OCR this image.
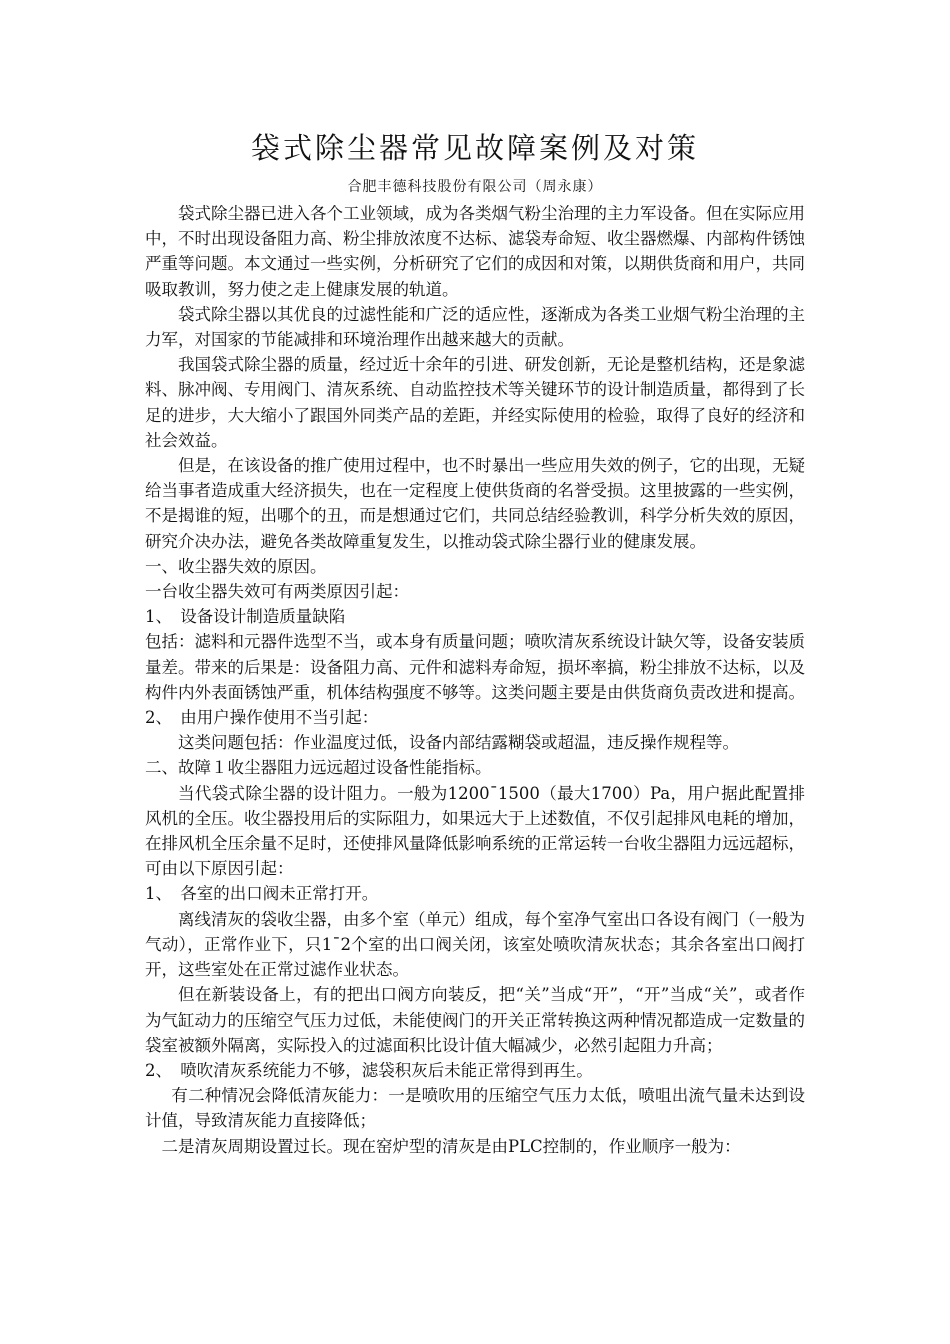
袋式除尘器常见故障案例及对策

合肥丰德科技股份有限公司（周永康）

袋式除尘器已进入各个工业领域，成为各类烟气粉尘治理的主力军设备。但在实际应用中，不时出现设备阻力高、粉尘排放浓度不达标、滤袋寿命短、收尘器燃爆、内部构件锈蚀严重等问题。本文通过一些实例，分析研究了它们的成因和对策，以期供货商和用户，共同吸取教训，努力使之走上健康发展的轨道。

袋式除尘器以其优良的过滤性能和广泛的适应性，逐渐成为各类工业烟气粉尘治理的主力军，对国家的节能减排和环境治理作出越来越大的贡献。

我国袋式除尘器的质量，经过近十余年的引进、研发创新，无论是整机结构，还是象滤料、脉冲阀、专用阀门、清灰系统、自动监控技术等关键环节的设计制造质量，都得到了长足的进步，大大缩小了跟国外同类产品的差距，并经实际使用的检验，取得了良好的经济和社会效益。

但是，在该设备的推广使用过程中，也不时暴出一些应用失效的例子，它的出现，无疑给当事者造成重大经济损失，也在一定程度上使供货商的名誉受损。这里披露的一些实例，不是揭谁的短，出哪个的丑，而是想通过它们，共同总结经验教训，科学分析失效的原因，研究介决办法，避免各类故障重复发生，以推动袋式除尘器行业的健康发展。

一、收尘器失效的原因。

一台收尘器失效可有两类原因引起：

1、　设备设计制造质量缺陷

包括：滤料和元器件选型不当，或本身有质量问题；喷吹清灰系统设计缺欠等，设备安装质量差。带来的后果是：设备阻力高、元件和滤料寿命短，损坏率搞，粉尘排放不达标，以及构件内外表面锈蚀严重，机体结构强度不够等。这类问题主要是由供货商负责改进和提高。

2、　由用户操作使用不当引起：

这类问题包括：作业温度过低，设备内部结露糊袋或超温，违反操作规程等。

二、故障１收尘器阻力远远超过设备性能指标。

当代袋式除尘器的设计阻力。一般为1200¯1500（最大1700）Pa，用户据此配置排风机的全压。收尘器投用后的实际阻力，如果远大于上述数值，不仅引起排风电耗的增加，在排风机全压余量不足时，还使排风量降低影响系统的正常运转一台收尘器阻力远远超标，可由以下原因引起：

1、　各室的出口阀未正常打开。

离线清灰的袋收尘器，由多个室（单元）组成，每个室净气室出口各设有阀门（一般为气动），正常作业下，只1¯2个室的出口阀关闭，该室处喷吹清灰状态；其余各室出口阀打开，这些室处在正常过滤作业状态。

但在新装设备上，有的把出口阀方向装反，把“关”当成“开”，“开”当成“关”，或者作为气缸动力的压缩空气压力过低，未能使阀门的开关正常转换这两种情况都造成一定数量的袋室被额外隔离，实际投入的过滤面积比设计值大幅减少，必然引起阻力升高；

2、　喷吹清灰系统能力不够，滤袋积灰后未能正常得到再生。

有二种情况会降低清灰能力：一是喷吹用的压缩空气压力太低，喷咀出流气量未达到设计值，导致清灰能力直接降低；

二是清灰周期设置过长。现在窑炉型的清灰是由PLC控制的，作业顺序一般为：
